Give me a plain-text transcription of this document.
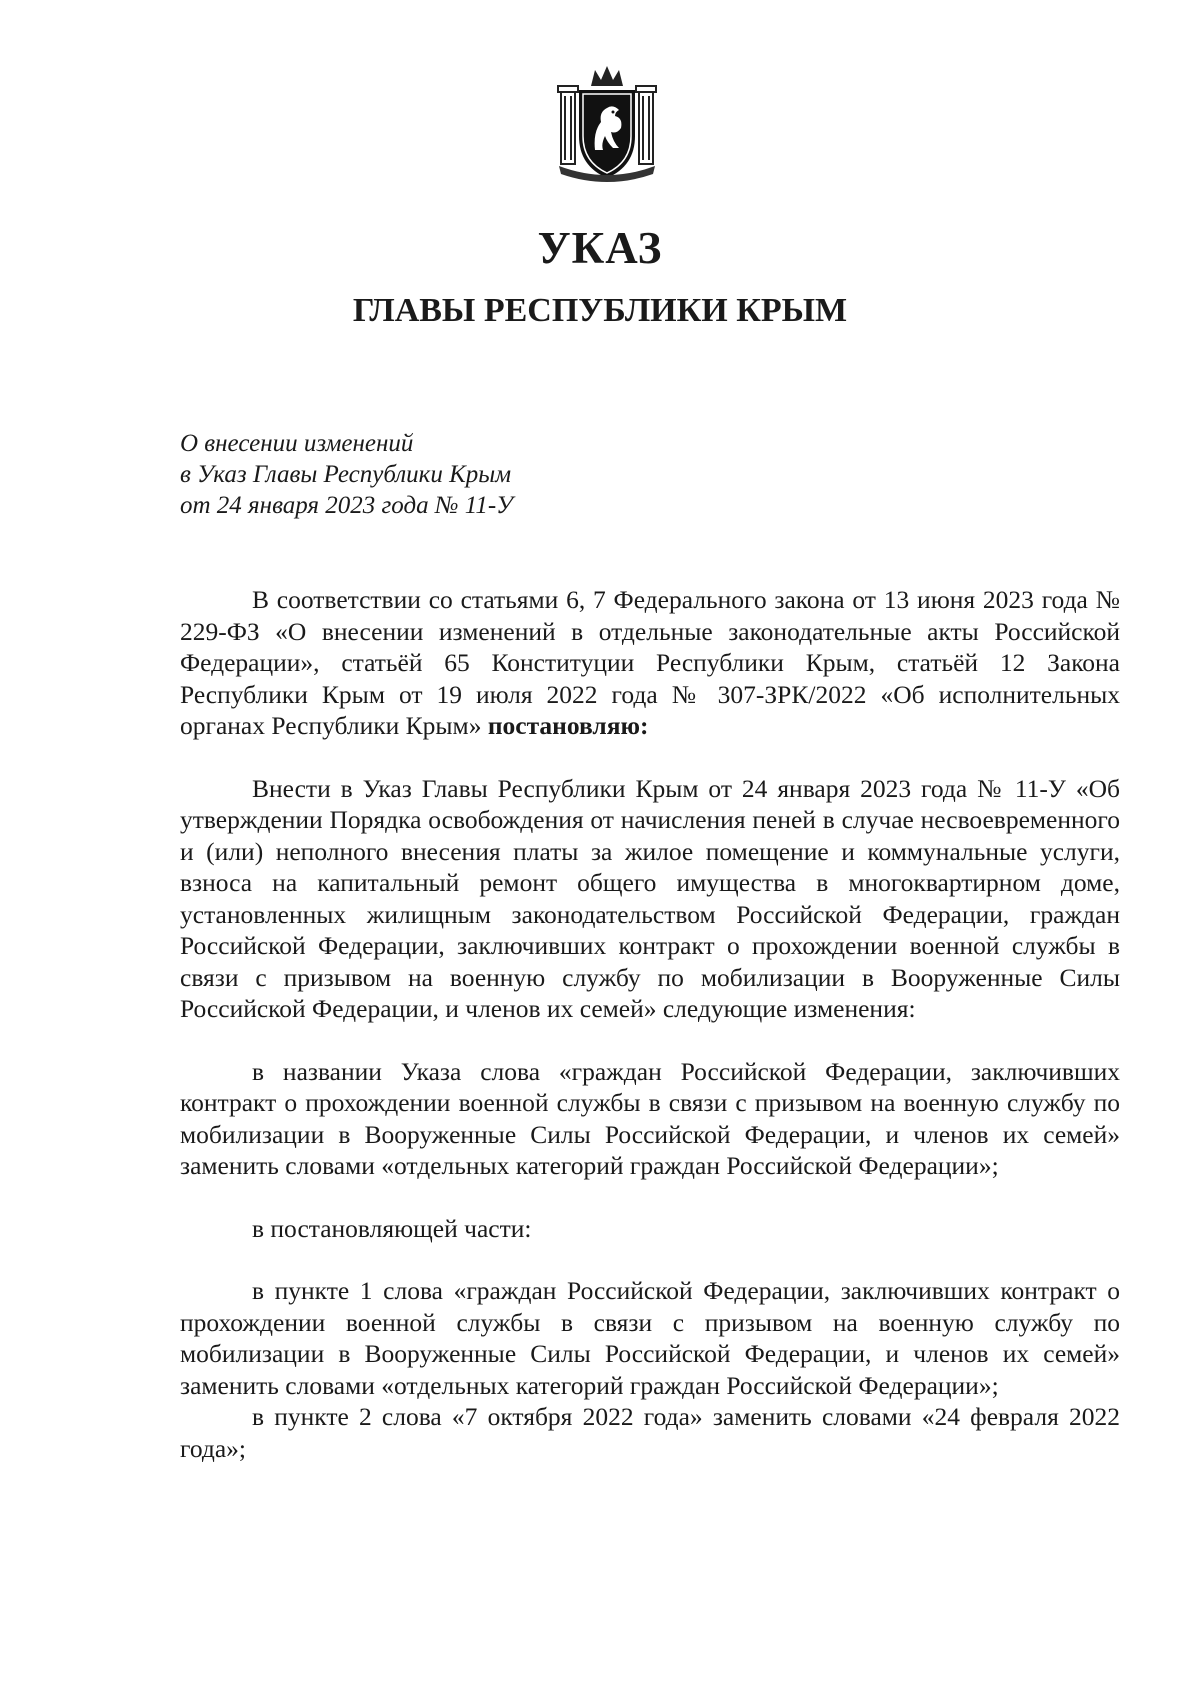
УКАЗ
ГЛАВЫ РЕСПУБЛИКИ КРЫМ
О внесении изменений
в Указ Главы Республики Крым
от 24 января 2023 года № 11-У

В соответствии со статьями 6, 7 Федерального закона от 13 июня 2023 года № 229-ФЗ «О внесении изменений в отдельные законодательные акты Российской Федерации», статьёй 65 Конституции Республики Крым, статьёй 12 Закона Республики Крым от 19 июля 2022 года № 307-ЗРК/2022 «Об исполнительных органах Республики Крым» постановляю:

Внести в Указ Главы Республики Крым от 24 января 2023 года № 11-У «Об утверждении Порядка освобождения от начисления пеней в случае несвоевременного и (или) неполного внесения платы за жилое помещение и коммунальные услуги, взноса на капитальный ремонт общего имущества в многоквартирном доме, установленных жилищным законодательством Российской Федерации, граждан Российской Федерации, заключивших контракт о прохождении военной службы в связи с призывом на военную службу по мобилизации в Вооруженные Силы Российской Федерации, и членов их семей» следующие изменения:

в названии Указа слова «граждан Российской Федерации, заключивших контракт о прохождении военной службы в связи с призывом на военную службу по мобилизации в Вооруженные Силы Российской Федерации, и членов их семей» заменить словами «отдельных категорий граждан Российской Федерации»;

в постановляющей части:

в пункте 1 слова «граждан Российской Федерации, заключивших контракт о прохождении военной службы в связи с призывом на военную службу по мобилизации в Вооруженные Силы Российской Федерации, и членов их семей» заменить словами «отдельных категорий граждан Российской Федерации»;

в пункте 2 слова «7 октября 2022 года» заменить словами «24 февраля 2022 года»;
